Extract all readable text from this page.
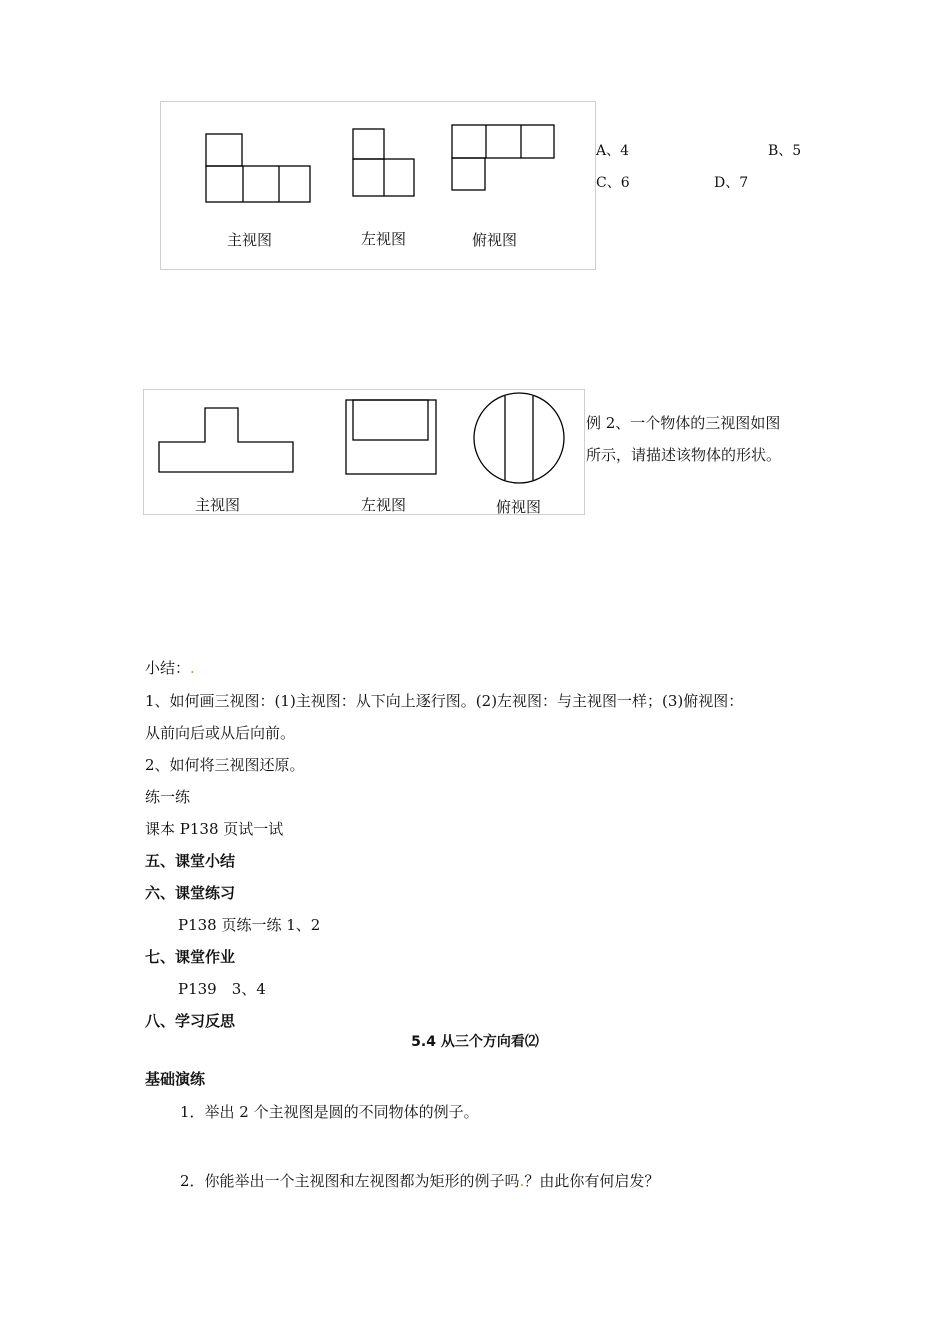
主视图	左视图	俯视图
A、4	B、5
C、6	D、7
主视图	左视图	俯视图
例 2、一个物体的三视图如图
所示，请描述该物体的形状。
小结：.
1、如何画三视图：(1)主视图：从下向上逐行图。(2)左视图：与主视图一样；(3)俯视图：
从前向后或从后向前。
2、如何将三视图还原。
练一练
课本 P138 页试一试
五、课堂小结
六、课堂练习
P138 页练一练 1、2
七、课堂作业
P139　3、4
八、学习反思
5.4 从三个方向看⑵
基础演练
1．举出 2 个主视图是圆的不同物体的例子。
2．你能举出一个主视图和左视图都为矩形的例子吗.？由此你有何启发？
